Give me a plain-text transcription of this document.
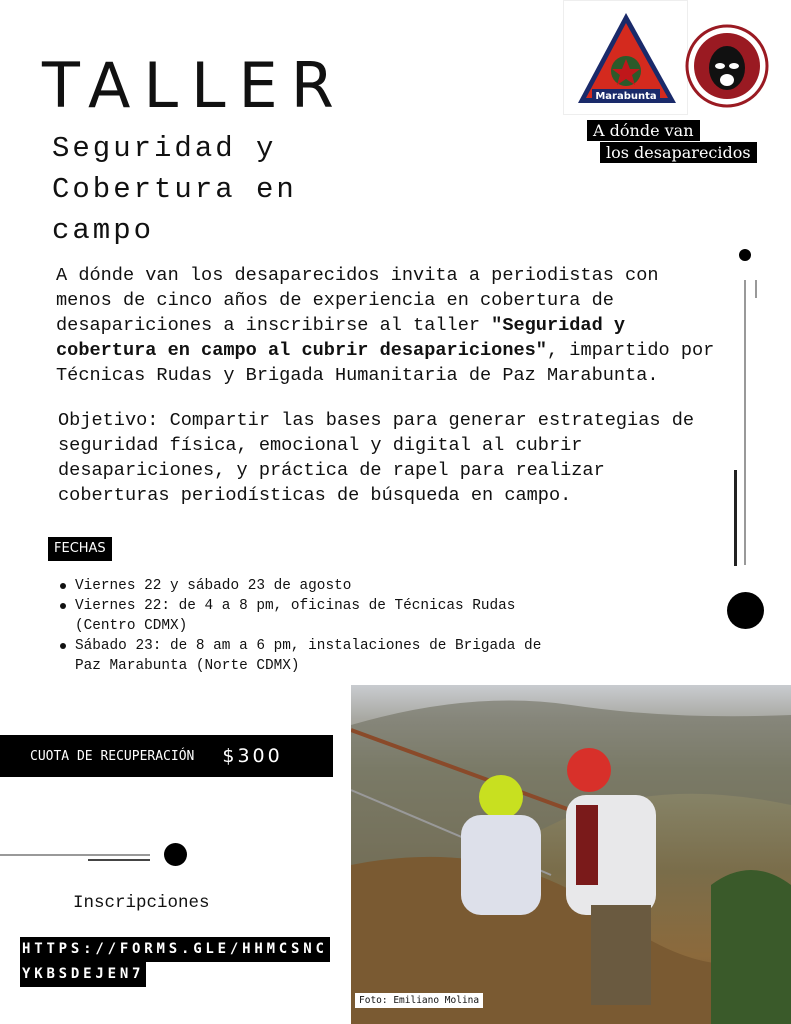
TALLER
Seguridad y
Cobertura en
campo
Marabunta
A dónde van
los desaparecidos
A dónde van los desaparecidos invita a periodistas con
menos de cinco años de experiencia en cobertura de
desapariciones a inscribirse al taller "Seguridad y
cobertura en campo al cubrir desapariciones", impartido por
Técnicas Rudas y Brigada Humanitaria de Paz Marabunta.
Objetivo: Compartir las bases para generar estrategias de
seguridad física, emocional y digital al cubrir
desapariciones, y práctica de rapel para realizar
coberturas periodísticas de búsqueda en campo.
FECHAS
Viernes 22 y sábado 23 de agosto
Viernes 22: de 4 a 8 pm, oficinas de Técnicas Rudas
(Centro CDMX)
Sábado 23: de 8 am a 6 pm, instalaciones de Brigada de
Paz Marabunta (Norte CDMX)
CUOTA DE RECUPERACIÓN $300
Inscripciones
HTTPS://FORMS.GLE/HHMCSNC
YKBSDEJEN7
Foto: Emiliano Molina
